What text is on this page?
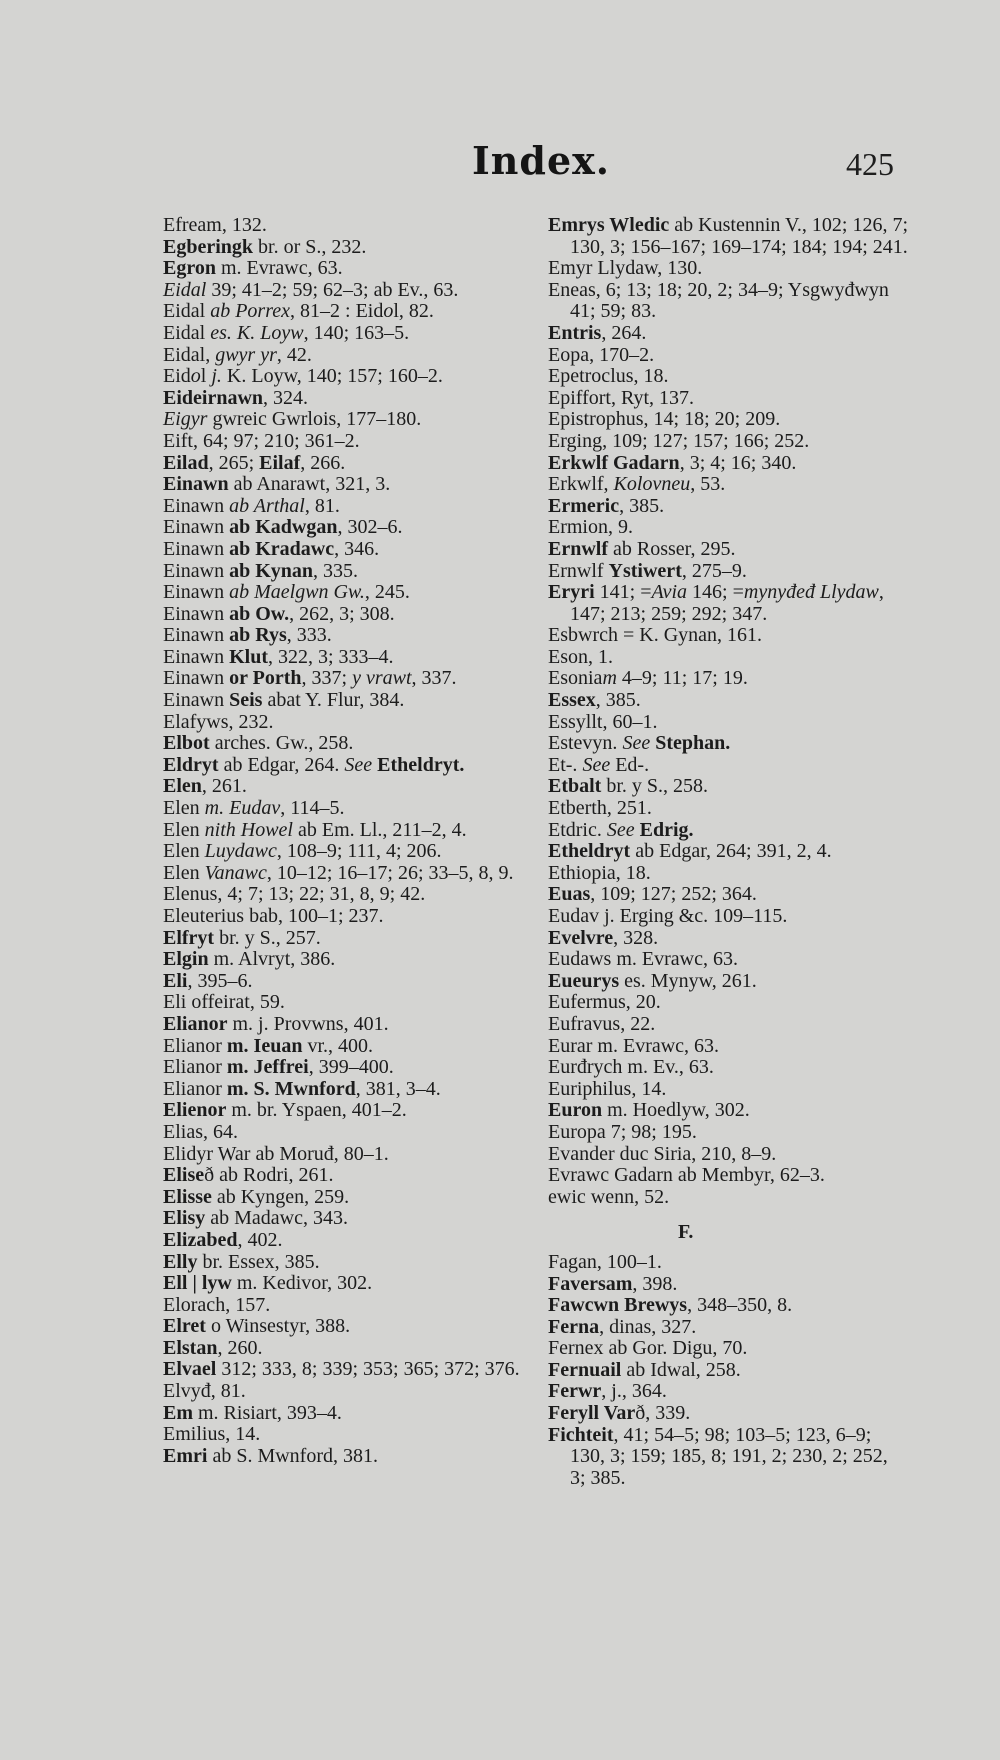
Index.	425
Efream, 132.
Egberingk br. or S., 232.
Egron m. Evrawc, 63.
Eidal 39; 41–2; 59; 62–3; ab Ev., 63.
Eidal ab Porrex, 81–2 : Eidol, 82.
Eidal es. K. Loyw, 140; 163–5.
Eidal, gwyr yr, 42.
Eidol j. K. Loyw, 140; 157; 160–2.
Eideirnawn, 324.
Eigyr gwreic Gwrlois, 177–180.
Eift, 64; 97; 210; 361–2.
Eilad, 265; Eilaf, 266.
Einawn ab Anarawt, 321, 3.
Einawn ab Arthal, 81.
Einawn ab Kadwgan, 302–6.
Einawn ab Kradawc, 346.
Einawn ab Kynan, 335.
Einawn ab Maelgwn Gw., 245.
Einawn ab Ow., 262, 3; 308.
Einawn ab Rys, 333.
Einawn Klut, 322, 3; 333–4.
Einawn or Porth, 337; y vrawt, 337.
Einawn Seis abat Y. Flur, 384.
Elafyws, 232.
Elbot arches. Gw., 258.
Eldryt ab Edgar, 264. See Etheldryt.
Elen, 261.
Elen m. Eudav, 114–5.
Elen nith Howel ab Em. Ll., 211–2, 4.
Elen Luydawc, 108–9; 111, 4; 206.
Elen Vanawc, 10–12; 16–17; 26; 33–5, 8, 9.
Elenus, 4; 7; 13; 22; 31, 8, 9; 42.
Eleuterius bab, 100–1; 237.
Elfryt br. y S., 257.
Elgin m. Alvryt, 386.
Eli, 395–6.
Eli offeirat, 59.
Elianor m. j. Provwns, 401.
Elianor m. Ieuan vr., 400.
Elianor m. Jeffrei, 399–400.
Elianor m. S. Mwnford, 381, 3–4.
Elienor m. br. Yspaen, 401–2.
Elias, 64.
Elidyr War ab Moruđ, 80–1.
Eliseð ab Rodri, 261.
Elisse ab Kyngen, 259.
Elisy ab Madawc, 343.
Elizabed, 402.
Elly br. Essex, 385.
Ell | lyw m. Kedivor, 302.
Elorach, 157.
Elret o Winsestyr, 388.
Elstan, 260.
Elvael 312; 333, 8; 339; 353; 365; 372; 376.
Elvyđ, 81.
Em m. Risiart, 393–4.
Emilius, 14.
Emri ab S. Mwnford, 381.
Emrys Wledic ab Kustennin V., 102; 126, 7; 130, 3; 156–167; 169–174; 184; 194; 241.
Emyr Llydaw, 130.
Eneas, 6; 13; 18; 20, 2; 34–9; Ysgwyđwyn 41; 59; 83.
Entris, 264.
Eopa, 170–2.
Epetroclus, 18.
Epiffort, Ryt, 137.
Epistrophus, 14; 18; 20; 209.
Erging, 109; 127; 157; 166; 252.
Erkwlf Gadarn, 3; 4; 16; 340.
Erkwlf, Kolovneu, 53.
Ermeric, 385.
Ermion, 9.
Ernwlf ab Rosser, 295.
Ernwlf Ystiwert, 275–9.
Eryri 141; =Avia 146; =mynyđeđ Llydaw, 147; 213; 259; 292; 347.
Esbwrch = K. Gynan, 161.
Eson, 1.
Esoniam 4–9; 11; 17; 19.
Essex, 385.
Essyllt, 60–1.
Estevyn. See Stephan.
Et-. See Ed-.
Etbalt br. y S., 258.
Etberth, 251.
Etdric. See Edrig.
Etheldryt ab Edgar, 264; 391, 2, 4.
Ethiopia, 18.
Euas, 109; 127; 252; 364.
Eudav j. Erging &c. 109–115.
Evelvre, 328.
Eudaws m. Evrawc, 63.
Eueurys es. Mynyw, 261.
Eufermus, 20.
Eufravus, 22.
Eurar m. Evrawc, 63.
Eurđrych m. Ev., 63.
Euriphilus, 14.
Euron m. Hoedlyw, 302.
Europa 7; 98; 195.
Evander duc Siria, 210, 8–9.
Evrawc Gadarn ab Membyr, 62–3.
ewic wenn, 52.
F.
Fagan, 100–1.
Faversam, 398.
Fawcwn Brewys, 348–350, 8.
Ferna, dinas, 327.
Fernex ab Gor. Digu, 70.
Fernuail ab Idwal, 258.
Ferwr, j., 364.
Feryll Varð, 339.
Fichteit, 41; 54–5; 98; 103–5; 123, 6–9; 130, 3; 159; 185, 8; 191, 2; 230, 2; 252, 3; 385.
